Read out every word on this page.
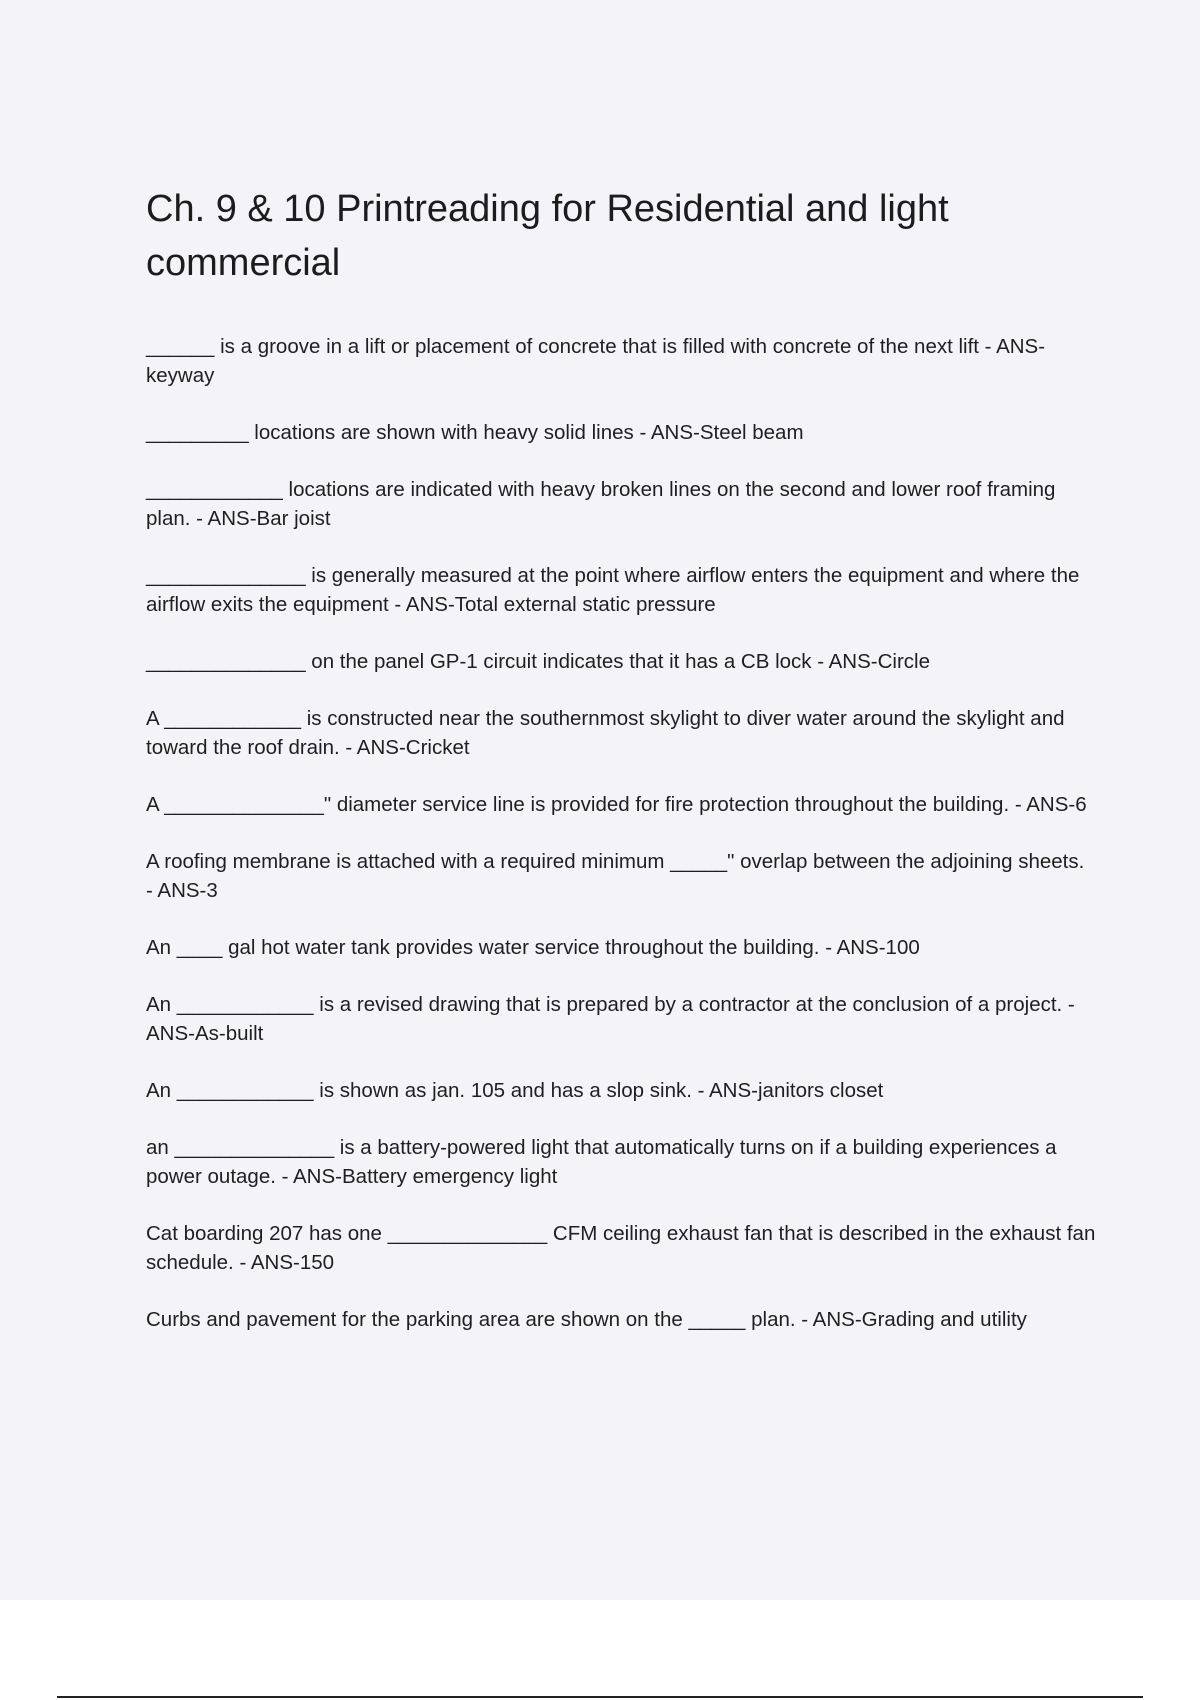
Ch. 9 & 10 Printreading for Residential and light commercial

______ is a groove in a lift or placement of concrete that is filled with concrete of the next lift - ANS-keyway

_________ locations are shown with heavy solid lines - ANS-Steel beam

____________ locations are indicated with heavy broken lines on the second and lower roof framing plan. - ANS-Bar joist

______________ is generally measured at the point where airflow enters the equipment and where the airflow exits the equipment - ANS-Total external static pressure

______________ on the panel GP-1 circuit indicates that it has a CB lock - ANS-Circle

A ____________ is constructed near the southernmost skylight to diver water around the skylight and toward the roof drain. - ANS-Cricket

A ______________" diameter service line is provided for fire protection throughout the building. - ANS-6

A roofing membrane is attached with a required minimum _____" overlap between the adjoining sheets. - ANS-3

An ____ gal hot water tank provides water service throughout the building. - ANS-100

An ____________ is a revised drawing that is prepared by a contractor at the conclusion of a project. - ANS-As-built

An ____________ is shown as jan. 105 and has a slop sink. - ANS-janitors closet

an ______________ is a battery-powered light that automatically turns on if a building experiences a power outage. - ANS-Battery emergency light

Cat boarding 207 has one ______________ CFM ceiling exhaust fan that is described in the exhaust fan schedule. - ANS-150

Curbs and pavement for the parking area are shown on the _____ plan. - ANS-Grading and utility
